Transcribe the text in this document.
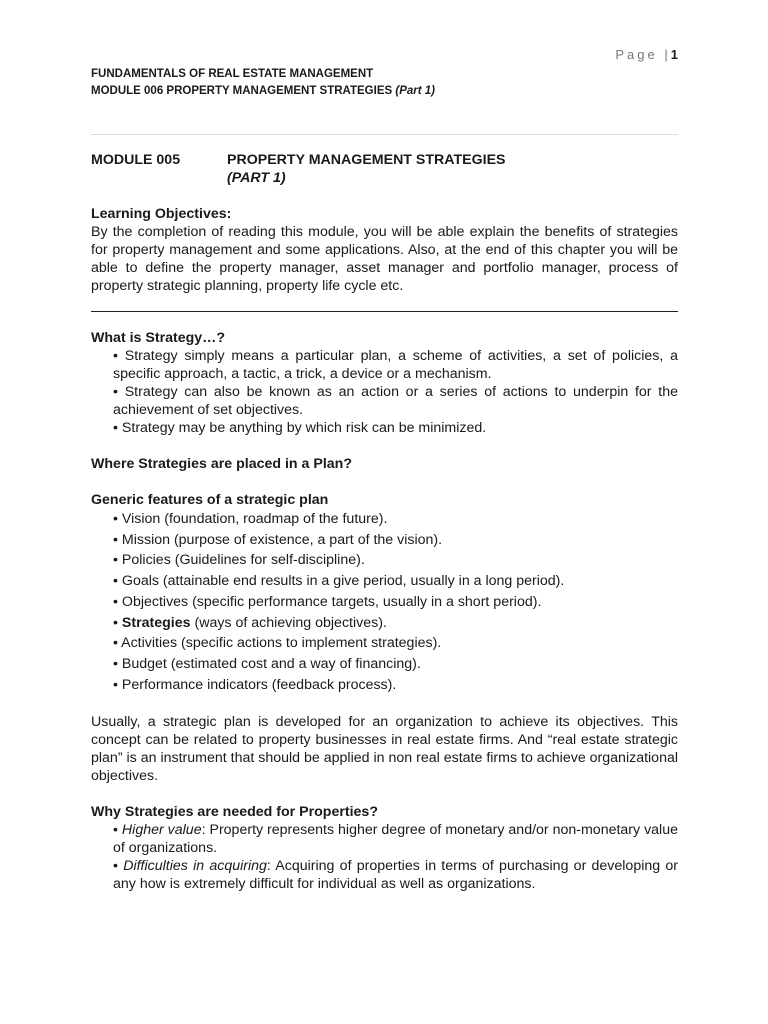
Page |1
FUNDAMENTALS OF REAL ESTATE MANAGEMENT
MODULE 006 PROPERTY MANAGEMENT STRATEGIES (Part 1)
MODULE 005	PROPERTY MANAGEMENT STRATEGIES
(PART 1)
Learning Objectives:
By the completion of reading this module, you will be able explain the benefits of strategies for property management and some applications. Also, at the end of this chapter you will be able to define the property manager, asset manager and portfolio manager, process of property strategic planning, property life cycle etc.
What is Strategy…?
• Strategy simply means a particular plan, a scheme of activities, a set of policies, a specific approach, a tactic, a trick, a device or a mechanism.
• Strategy can also be known as an action or a series of actions to underpin for the achievement of set objectives.
• Strategy may be anything by which risk can be minimized.
Where Strategies are placed in a Plan?
Generic features of a strategic plan
• Vision (foundation, roadmap of the future).
• Mission (purpose of existence, a part of the vision).
• Policies (Guidelines for self-discipline).
• Goals (attainable end results in a give period, usually in a long period).
• Objectives (specific performance targets, usually in a short period).
• Strategies (ways of achieving objectives).
• Activities (specific actions to implement strategies).
• Budget (estimated cost and a way of financing).
• Performance indicators (feedback process).
Usually, a strategic plan is developed for an organization to achieve its objectives. This concept can be related to property businesses in real estate firms. And “real estate strategic plan” is an instrument that should be applied in non real estate firms to achieve organizational objectives.
Why Strategies are needed for Properties?
• Higher value: Property represents higher degree of monetary and/or non-monetary value of organizations.
• Difficulties in acquiring: Acquiring of properties in terms of purchasing or developing or any how is extremely difficult for individual as well as organizations.
